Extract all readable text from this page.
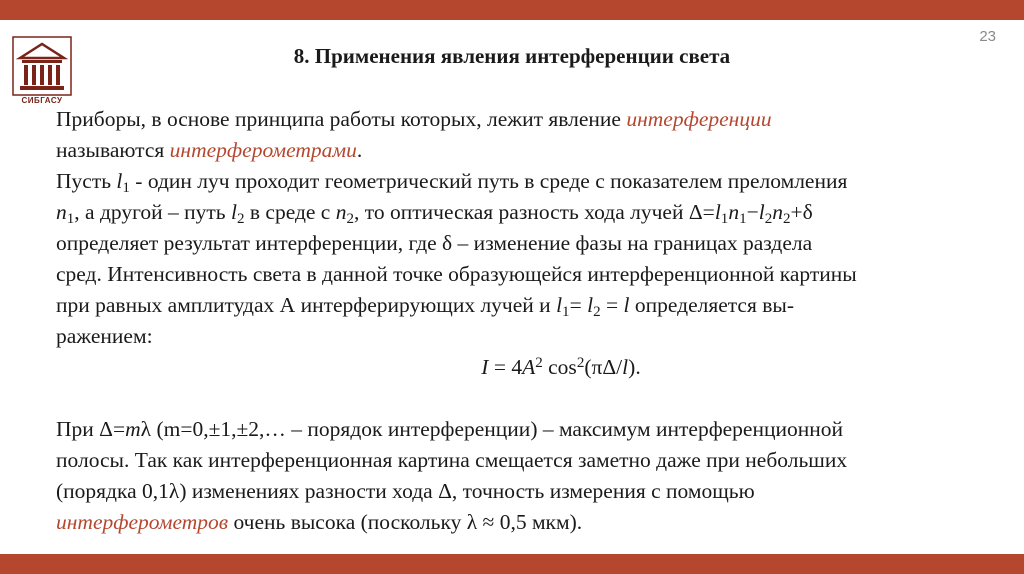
23
СИБГАСУ
8. Применения явления интерференции света

Приборы, в основе принципа работы которых, лежит явление интерференции

называются интерферометрами.

Пусть $l_1$ - один луч проходит геометрический путь в среде с показателем преломления

$n_1$, а другой – путь $l_2$ в среде с $n_2$, то оптическая разность хода лучей $\Delta=l_1n_1-l_2n_2+\delta$

определяет результат интерференции, где δ – изменение фазы на границах раздела

сред. Интенсивность света в данной точке образующейся интерференционной картины

при равных амплитудах А интерферирующих лучей и $l_1= l_2 = l$ определяется вы-

ражением:

$I = 4A^2$ $\cos^2(\pi\Delta/l)$.

При Δ=mλ (m=0,±1,±2,… – порядок интерференции) – максимум интерференционной

полосы. Так как интерференционная картина смещается заметно даже при небольших

(порядка 0,1λ) изменениях разности хода Δ, точность измерения с помощью

интерферометров очень высока (поскольку λ ≈ 0,5 мкм).
